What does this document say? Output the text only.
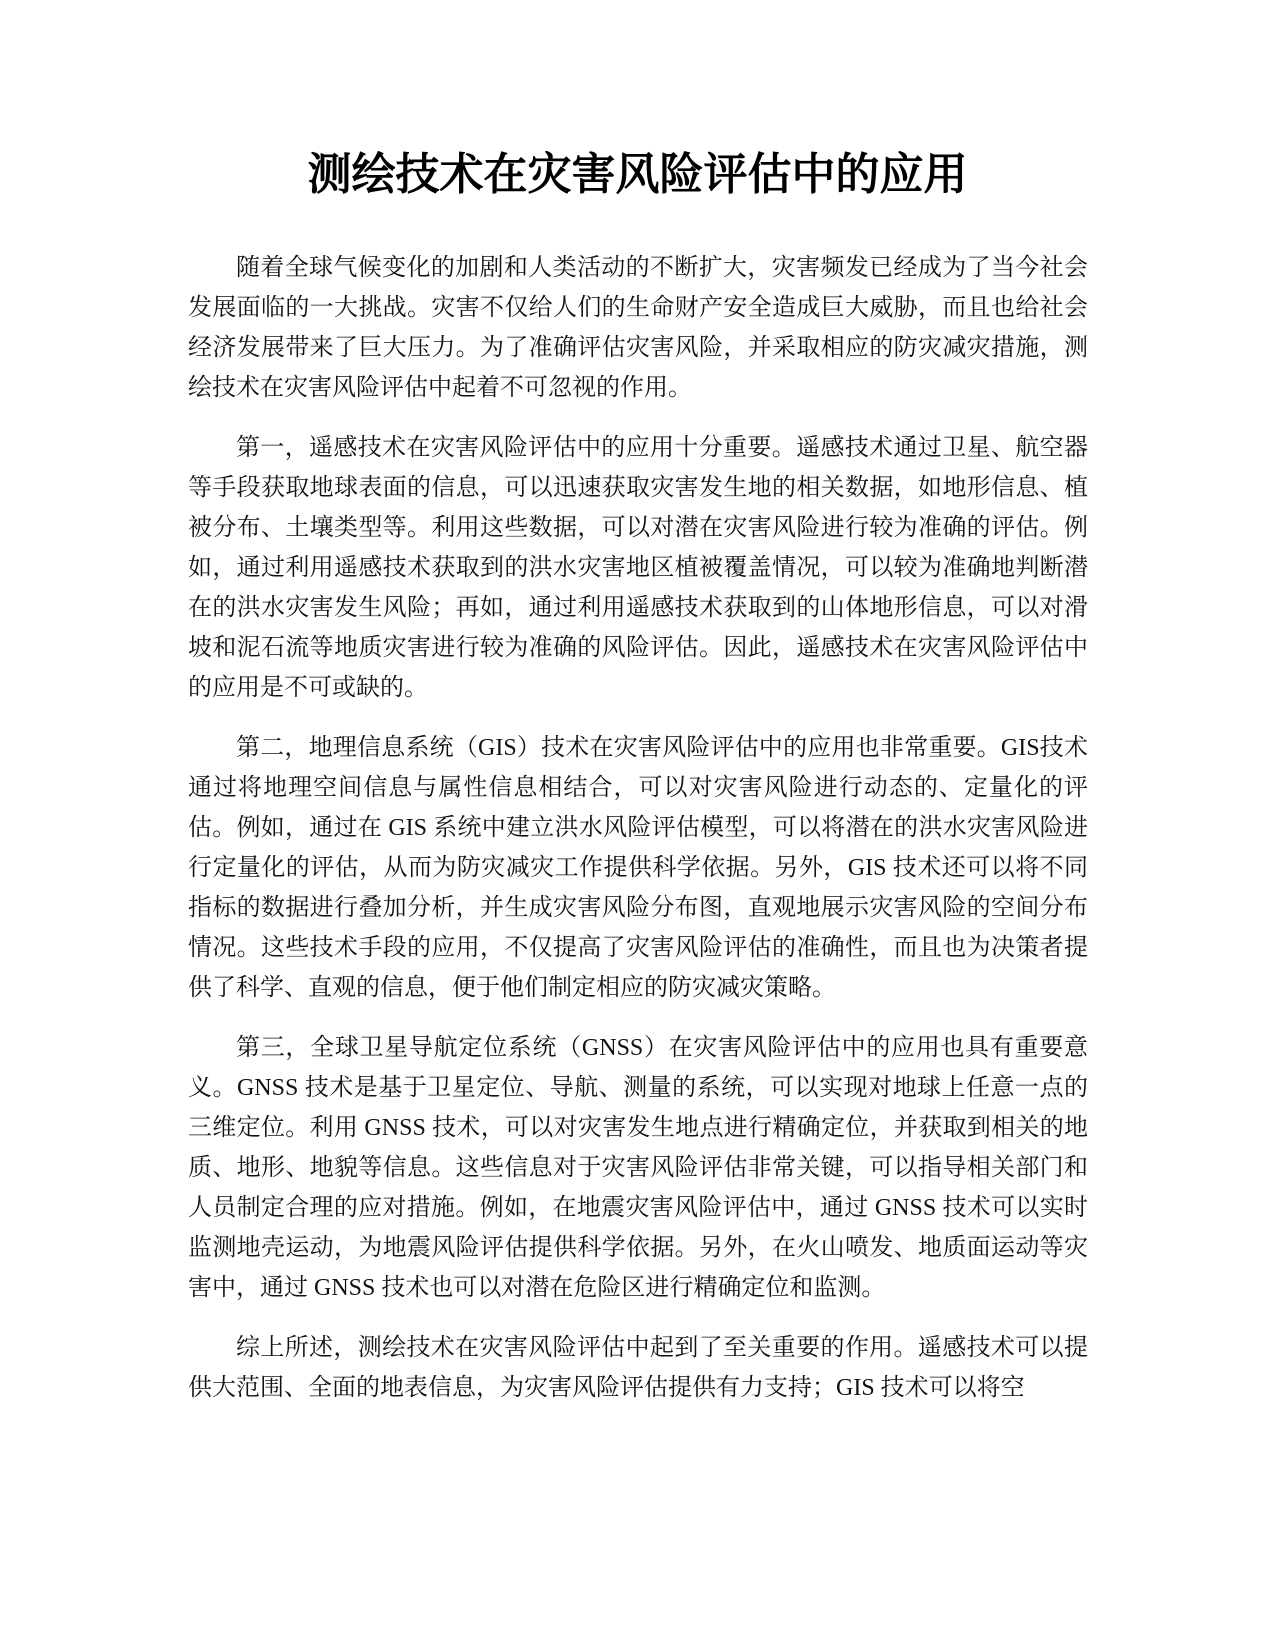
测绘技术在灾害风险评估中的应用

随着全球气候变化的加剧和人类活动的不断扩大，灾害频发已经成为了当今社会发展面临的一大挑战。灾害不仅给人们的生命财产安全造成巨大威胁，而且也给社会经济发展带来了巨大压力。为了准确评估灾害风险，并采取相应的防灾减灾措施，测绘技术在灾害风险评估中起着不可忽视的作用。

第一，遥感技术在灾害风险评估中的应用十分重要。遥感技术通过卫星、航空器等手段获取地球表面的信息，可以迅速获取灾害发生地的相关数据，如地形信息、植被分布、土壤类型等。利用这些数据，可以对潜在灾害风险进行较为准确的评估。例如，通过利用遥感技术获取到的洪水灾害地区植被覆盖情况，可以较为准确地判断潜在的洪水灾害发生风险；再如，通过利用遥感技术获取到的山体地形信息，可以对滑坡和泥石流等地质灾害进行较为准确的风险评估。因此，遥感技术在灾害风险评估中的应用是不可或缺的。

第二，地理信息系统（GIS）技术在灾害风险评估中的应用也非常重要。GIS技术通过将地理空间信息与属性信息相结合，可以对灾害风险进行动态的、定量化的评估。例如，通过在 GIS 系统中建立洪水风险评估模型，可以将潜在的洪水灾害风险进行定量化的评估，从而为防灾减灾工作提供科学依据。另外，GIS 技术还可以将不同指标的数据进行叠加分析，并生成灾害风险分布图，直观地展示灾害风险的空间分布情况。这些技术手段的应用，不仅提高了灾害风险评估的准确性，而且也为决策者提供了科学、直观的信息，便于他们制定相应的防灾减灾策略。

第三，全球卫星导航定位系统（GNSS）在灾害风险评估中的应用也具有重要意义。GNSS 技术是基于卫星定位、导航、测量的系统，可以实现对地球上任意一点的三维定位。利用 GNSS 技术，可以对灾害发生地点进行精确定位，并获取到相关的地质、地形、地貌等信息。这些信息对于灾害风险评估非常关键，可以指导相关部门和人员制定合理的应对措施。例如，在地震灾害风险评估中，通过 GNSS 技术可以实时监测地壳运动，为地震风险评估提供科学依据。另外，在火山喷发、地质面运动等灾害中，通过 GNSS 技术也可以对潜在危险区进行精确定位和监测。

综上所述，测绘技术在灾害风险评估中起到了至关重要的作用。遥感技术可以提供大范围、全面的地表信息，为灾害风险评估提供有力支持；GIS 技术可以将空
